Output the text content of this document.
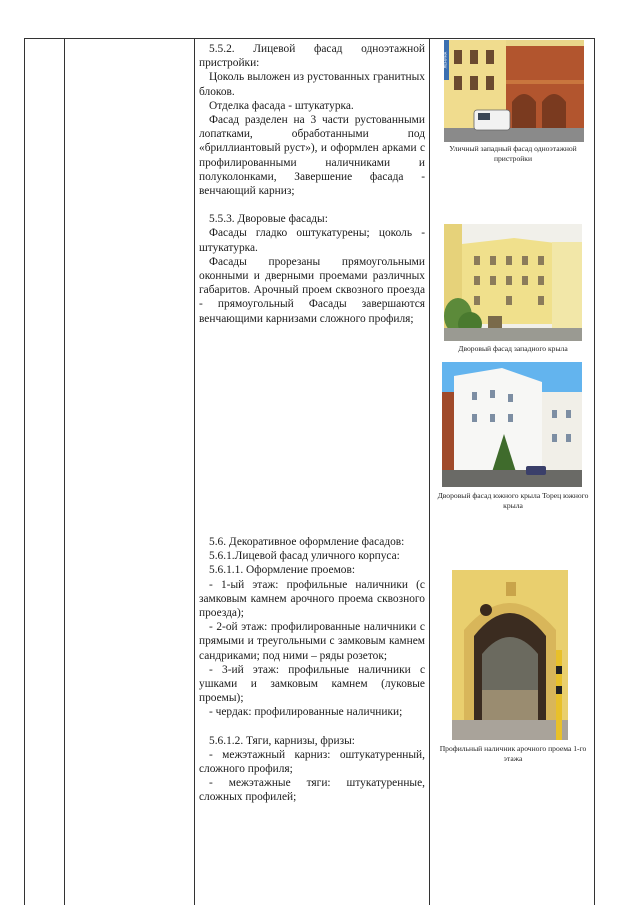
5.5.2. Лицевой фасад одноэтажной пристройки:

Цоколь выложен из рустованных гранитных блоков.

Отделка фасада - штукатурка.

Фасад разделен на 3 части рустованными лопатками, обработанными под «бриллиантовый руст»), и оформлен арками с профилированными наличниками и полуколонками, Завершение фасада - венчающий карниз;

5.5.3. Дворовые фасады:

Фасады гладко оштукатурены; цоколь - штукатурка.

Фасады прорезаны прямоугольными оконными и дверными проемами различных габаритов. Арочный проем сквозного проезда - прямоугольный Фасады завершаются венчающими карнизами сложного профиля;

5.6. Декоративное оформление фасадов:

5.6.1.Лицевой фасад уличного корпуса:

5.6.1.1. Оформление проемов:

- 1-ый этаж: профильные наличники (с замковым камнем арочного проема сквозного проезда);

- 2-ой этаж: профилированные наличники с прямыми и треугольными с замковым камнем сандриками; под ними – ряды розеток;

- 3-ий этаж: профильные наличники с ушками и замковым камнем (луковые проемы);

- чердак: профилированные наличники;

5.6.1.2. Тяги, карнизы, фризы:

- межэтажный карниз: оштукатуренный, сложного профиля;

- межэтажные тяги: штукатуренные, сложных профилей;

ЛЕНИНА
Уличный западный фасад одноэтажной пристройки
Дворовый фасад западного крыла
Дворовый фасад южного крыла Торец южного крыла
Профильный наличник арочного проема 1-го этажа
